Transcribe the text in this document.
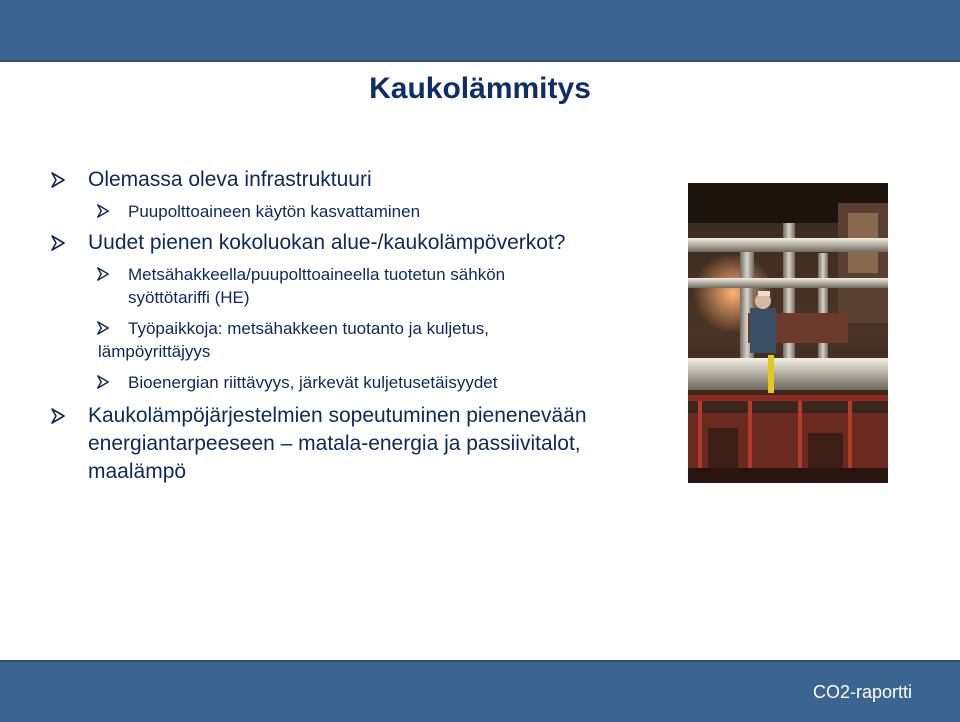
Kaukolämmitys
Olemassa oleva infrastruktuuri
Puupolttoaineen käytön kasvattaminen
Uudet pienen kokoluokan alue-/kaukolämpöverkot?
Metsähakkeella/puupolttoaineella tuotetun sähkön
syöttötariffi (HE)
Työpaikkoja: metsähakkeen tuotanto ja kuljetus,
lämpöyrittäjyys
Bioenergian riittävyys, järkevät kuljetusetäisyydet
Kaukolämpöjärjestelmien sopeutuminen pienenevään
energiantarpeeseen – matala-energia ja passiivitalot,
maalämpö
CO2-raportti
